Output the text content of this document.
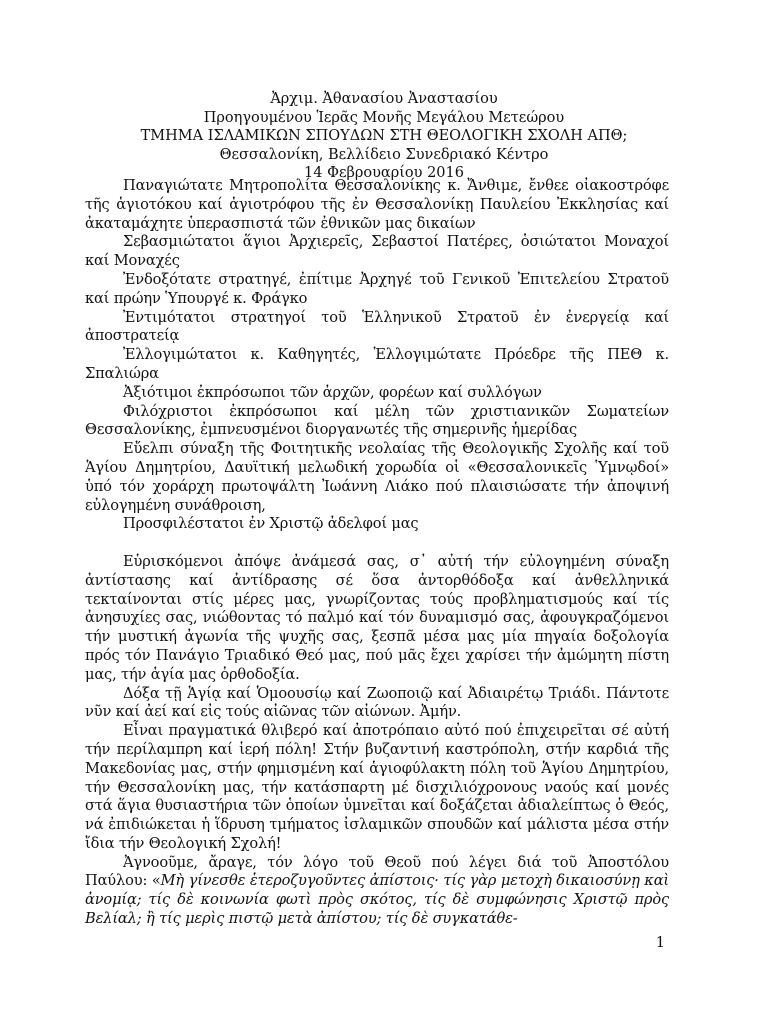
Ἀρχιμ. Ἀθανασίου Ἀναστασίου
Προηγουμένου Ἱερᾶς Μονῆς Μεγάλου Μετεώρου
ΤΜΗΜΑ ΙΣΛΑΜΙΚΩΝ ΣΠΟΥΔΩΝ ΣΤΗ ΘΕΟΛΟΓΙΚΗ ΣΧΟΛΗ ΑΠΘ;
Θεσσαλονίκη, Βελλίδειο Συνεδριακό Κέντρο
14 Φεβρουαρίου 2016

Παναγιώτατε Μητροπολίτα Θεσσαλονίκης κ. Ἄνθιμε, ἔνθεε οἰακοστρόφε τῆς ἁγιοτόκου καί ἁγιοτρόφου τῆς ἐν Θεσσαλονίκῃ Παυλείου Ἐκκλησίας καί ἀκαταμάχητε ὑπερασπιστά τῶν ἐθνικῶν μας δικαίων

Σεβασμιώτατοι ἅγιοι Ἀρχιερεῖς, Σεβαστοί Πατέρες, ὁσιώτατοι Μοναχοί καί Μοναχές

Ἐνδοξότατε στρατηγέ, ἐπίτιμε Ἀρχηγέ τοῦ Γενικοῦ Ἐπιτελείου Στρατοῦ καί πρώην Ὑπουργέ κ. Φράγκο

Ἐντιμότατοι στρατηγοί τοῦ Ἑλληνικοῦ Στρατοῦ ἐν ἐνεργείᾳ καί ἀποστρατείᾳ

Ἐλλογιμώτατοι κ. Καθηγητές, Ἐλλογιμώτατε Πρόεδρε τῆς ΠΕΘ κ. Σπαλιώρα

Ἀξιότιμοι ἐκπρόσωποι τῶν ἀρχῶν, φορέων καί συλλόγων

Φιλόχριστοι ἐκπρόσωποι καί μέλη τῶν χριστιανικῶν Σωματείων Θεσσαλονίκης, ἐμπνευσμένοι διοργανωτές τῆς σημερινῆς ἡμερίδας

Εὔελπι σύναξη τῆς Φοιτητικῆς νεολαίας τῆς Θεολογικῆς Σχολῆς καί τοῦ Ἁγίου Δημητρίου, Δαυϊτική μελωδική χορωδία οἱ «Θεσσαλονικεῖς Ὑμνῳδοί» ὑπό τόν χοράρχη πρωτοψάλτη Ἰωάννη Λιάκο πού πλαισιώσατε τήν ἀποψινή εὐλογημένη συνάθροιση,

Προσφιλέστατοι ἐν Χριστῷ ἀδελφοί μας

Εὑρισκόμενοι ἀπόψε ἀνάμεσά σας, σ᾽ αὐτή τήν εὐλογημένη σύναξη ἀντίστασης καί ἀντίδρασης σέ ὅσα ἀντορθόδοξα καί ἀνθελληνικά τεκταίνονται στίς μέρες μας, γνωρίζοντας τούς προβληματισμούς καί τίς ἀνησυχίες σας, νιώθοντας τό παλμό καί τόν δυναμισμό σας, ἀφουγκραζόμενοι τήν μυστική ἀγωνία τῆς ψυχῆς σας, ξεσπᾶ μέσα μας μία πηγαία δοξολογία πρός τόν Πανάγιο Τριαδικό Θεό μας, πού μᾶς ἔχει χαρίσει τήν ἀμώμητη πίστη μας, τήν ἁγία μας ὀρθοδοξία.

Δόξα τῇ Ἁγίᾳ καί Ὁμοουσίῳ καί Ζωοποιῷ καί Ἀδιαιρέτῳ Τριάδι. Πάντοτε νῦν καί ἀεί καί εἰς τούς αἰῶνας τῶν αἰώνων. Ἀμήν.

Εἶναι πραγματικά θλιβερό καί ἀποτρόπαιο αὐτό πού ἐπιχειρεῖται σέ αὐτή τήν περίλαμπρη καί ἱερή πόλη! Στήν βυζαντινή καστρόπολη, στήν καρδιά τῆς Μακεδονίας μας, στήν φημισμένη καί ἁγιοφύλακτη πόλη τοῦ Ἁγίου Δημητρίου, τήν Θεσσαλονίκη μας, τήν κατάσπαρτη μέ δισχιλιόχρονους ναούς καί μονές στά ἅγια θυσιαστήρια τῶν ὁποίων ὑμνεῖται καί δοξάζεται ἀδιαλείπτως ὁ Θεός, νά ἐπιδιώκεται ἡ ἵδρυση τμήματος ἰσλαμικῶν σπουδῶν καί μάλιστα μέσα στήν ἴδια τήν Θεολογική Σχολή!

Ἀγνοοῦμε, ἄραγε, τόν λόγο τοῦ Θεοῦ πού λέγει διά τοῦ Ἀποστόλου Παύλου: «Μὴ γίνεσθε ἑτεροζυγοῦντες ἀπίστοις· τίς γὰρ μετοχὴ δικαιοσύνῃ καὶ ἀνομίᾳ; τίς δὲ κοινωνία φωτὶ πρὸς σκότος, τίς δὲ συμφώνησις Χριστῷ πρὸς Βελίαλ; ἢ τίς μερὶς πιστῷ μετὰ ἀπίστου; τίς δὲ συγκατάθε-

1
